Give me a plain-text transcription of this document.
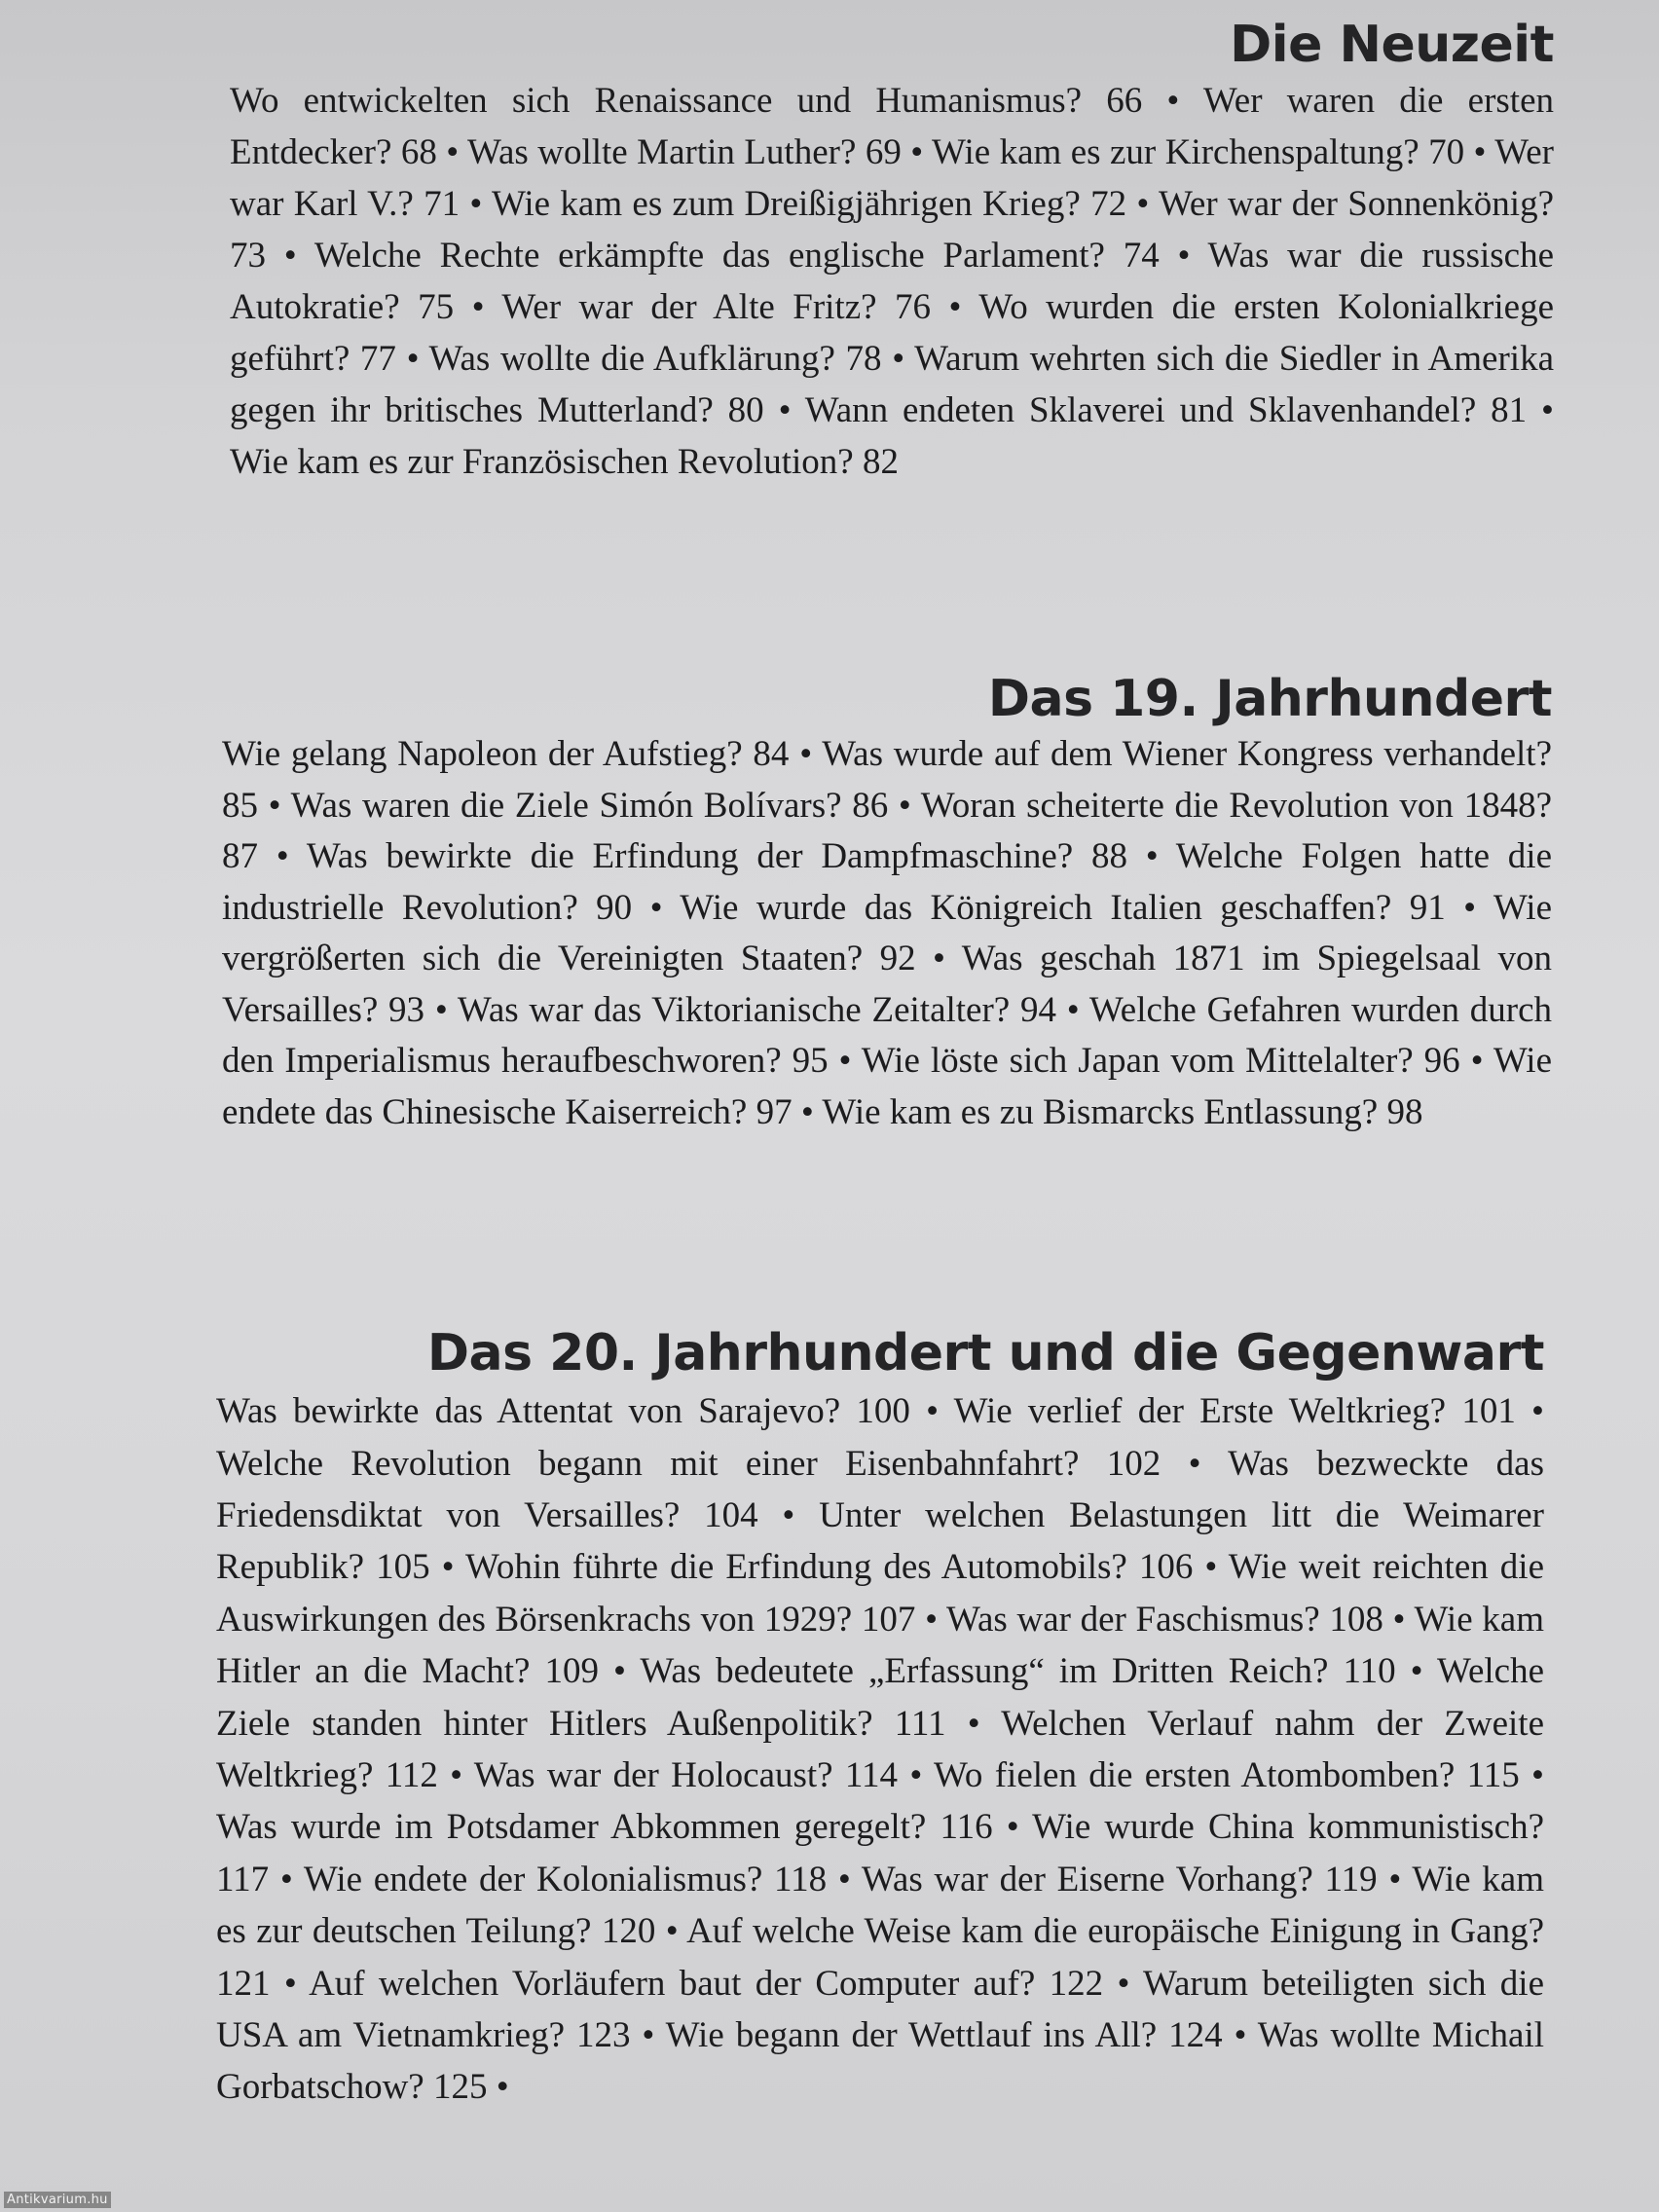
Die Neuzeit

Wo entwickelten sich Renaissance und Humanismus? 66 • Wer waren die ersten Entdecker? 68 • Was wollte Martin Luther? 69 • Wie kam es zur Kirchenspaltung? 70 • Wer war Karl V.? 71 • Wie kam es zum Dreißigjährigen Krieg? 72 • Wer war der Sonnenkönig? 73 • Welche Rechte erkämpfte das englische Parlament? 74 • Was war die russische Autokratie? 75 • Wer war der Alte Fritz? 76 • Wo wurden die ersten Kolonialkriege geführt? 77 • Was wollte die Aufklärung? 78 • Warum wehrten sich die Siedler in Amerika gegen ihr britisches Mutterland? 80 • Wann endeten Sklaverei und Sklavenhandel? 81 • Wie kam es zur Französischen Revolution? 82

Das 19. Jahrhundert

Wie gelang Napoleon der Aufstieg? 84 • Was wurde auf dem Wiener Kongress verhandelt? 85 • Was waren die Ziele Simón Bolívars? 86 • Woran scheiterte die Revolution von 1848? 87 • Was bewirkte die Erfindung der Dampfmaschine? 88 • Welche Folgen hatte die industrielle Revolution? 90 • Wie wurde das Königreich Italien geschaffen? 91 • Wie vergrößerten sich die Vereinigten Staaten? 92 • Was geschah 1871 im Spiegelsaal von Versailles? 93 • Was war das Viktorianische Zeitalter? 94 • Welche Gefahren wurden durch den Imperialismus heraufbeschworen? 95 • Wie löste sich Japan vom Mittelalter? 96 • Wie endete das Chinesische Kaiserreich? 97 • Wie kam es zu Bismarcks Entlassung? 98

Das 20. Jahrhundert und die Gegenwart

Was bewirkte das Attentat von Sarajevo? 100 • Wie verlief der Erste Weltkrieg? 101 • Welche Revolution begann mit einer Eisenbahnfahrt? 102 • Was bezweckte das Friedensdiktat von Versailles? 104 • Unter welchen Belastungen litt die Weimarer Republik? 105 • Wohin führte die Erfindung des Automobils? 106 • Wie weit reichten die Auswirkungen des Börsenkrachs von 1929? 107 • Was war der Faschismus? 108 • Wie kam Hitler an die Macht? 109 • Was bedeutete „Erfassung“ im Dritten Reich? 110 • Welche Ziele standen hinter Hitlers Außenpolitik? 111 • Welchen Verlauf nahm der Zweite Weltkrieg? 112 • Was war der Holocaust? 114 • Wo fielen die ersten Atombomben? 115 • Was wurde im Potsdamer Abkommen geregelt? 116 • Wie wurde China kommunistisch? 117 • Wie endete der Kolonialismus? 118 • Was war der Eiserne Vorhang? 119 • Wie kam es zur deutschen Teilung? 120 • Auf welche Weise kam die europäische Einigung in Gang? 121 • Auf welchen Vorläufern baut der Computer auf? 122 • Warum beteiligten sich die USA am Vietnamkrieg? 123 • Wie begann der Wettlauf ins All? 124 • Was wollte Michail Gorbatschow? 125 •

Antikvarium.hu
